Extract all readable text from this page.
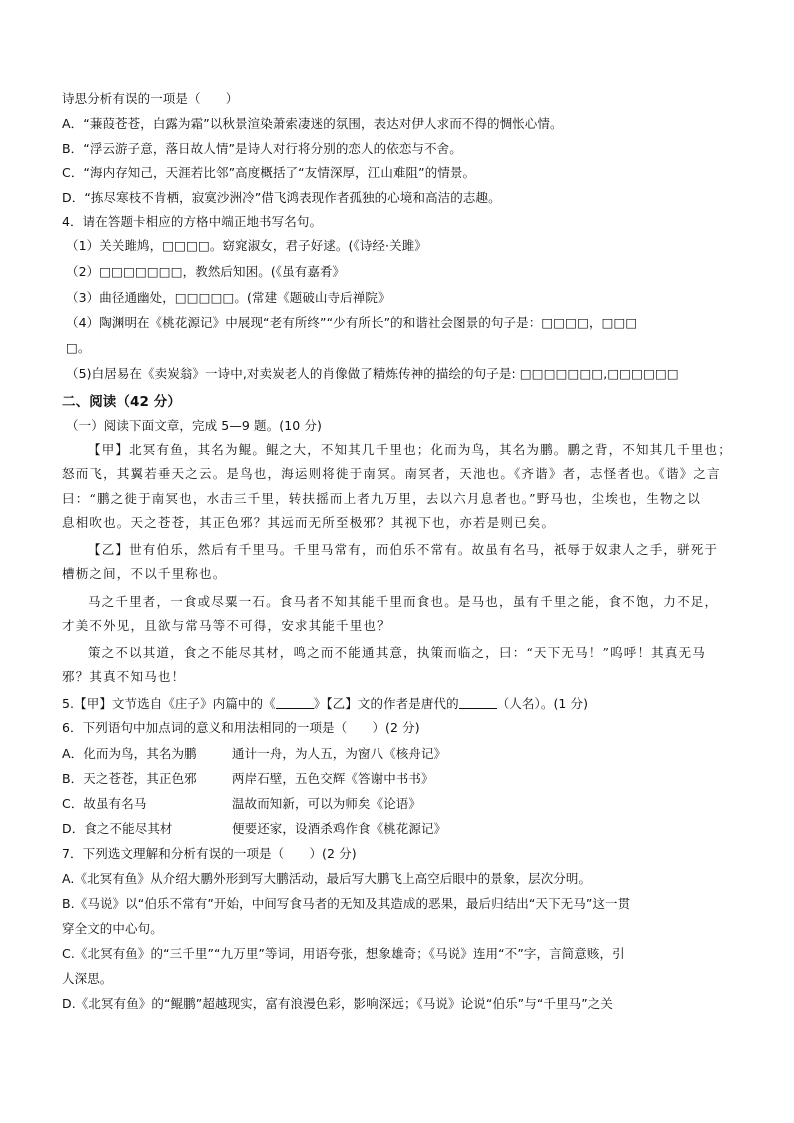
诗思分析有误的一项是（　　）
A．“蒹葭苍苍，白露为霜”以秋景渲染萧索凄迷的氛围，表达对伊人求而不得的惆怅心情。
B．“浮云游子意，落日故人情”是诗人对行将分别的恋人的依恋与不舍。
C．“海内存知己，天涯若比邻”高度概括了“友情深厚，江山难阻”的情景。
D．“拣尽寒枝不肯栖，寂寞沙洲冷”借飞鸿表现作者孤独的心境和高洁的志趣。
4．请在答题卡相应的方格中端正地书写名句。
（1）关关雎鸠，□□□□。窈窕淑女，君子好逑。(《诗经·关雎》
（2）□□□□□□□，教然后知困。(《虽有嘉肴》
（3）曲径通幽处，□□□□□。(常建《题破山寺后禅院》
（4）陶渊明在《桃花源记》中展现“老有所终”“少有所长”的和谐社会图景的句子是：□□□□，□□□
□。
（5)白居易在《卖炭翁》一诗中,对卖炭老人的肖像做了精炼传神的描绘的句子是: □□□□□□□,□□□□□□
二、阅读（42 分）
（一）阅读下面文章，完成 5—9 题。(10 分)
【甲】北冥有鱼，其名为鲲。鲲之大，不知其几千里也；化而为鸟，其名为鹏。鹏之背，不知其几千里也；
怒而飞，其翼若垂天之云。是鸟也，海运则将徙于南冥。南冥者，天池也。《齐谐》者，志怪者也。《谐》之言
曰：“鹏之徙于南冥也，水击三千里，转扶摇而上者九万里，去以六月息者也。”野马也，尘埃也，生物之以
息相吹也。天之苍苍，其正色邪？其远而无所至极邪？其视下也，亦若是则已矣。
【乙】世有伯乐，然后有千里马。千里马常有，而伯乐不常有。故虽有名马，祇辱于奴隶人之手，骈死于
槽枥之间，不以千里称也。
马之千里者，一食或尽粟一石。食马者不知其能千里而食也。是马也，虽有千里之能，食不饱，力不足，
才美不外见，且欲与常马等不可得，安求其能千里也？
策之不以其道，食之不能尽其材，鸣之而不能通其意，执策而临之，曰：“天下无马！”呜呼！其真无马
邪？其真不知马也！
5.【甲】文节选自《庄子》内篇中的《	》【乙】文的作者是唐代的	（人名）。(1 分)
6．下列语句中加点词的意义和用法相同的一项是（　　）(2 分)
A．化而为鸟，其名为鹏	通计一舟，为人五，为窗八《核舟记》
B．天之苍苍，其正色邪	两岸石壁，五色交辉《答谢中书书》
C．故虽有名马	温故而知新，可以为师矣《论语》
D．食之不能尽其材	便要还家，设酒杀鸡作食《桃花源记》
7．下列选文理解和分析有误的一项是（　　）(2 分)
A.《北冥有鱼》从介绍大鹏外形到写大鹏活动，最后写大鹏飞上高空后眼中的景象，层次分明。
B.《马说》以“伯乐不常有”开始，中间写食马者的无知及其造成的恶果，最后归结出“天下无马”这一贯
穿全文的中心句。
C.《北冥有鱼》的“三千里”“九万里”等词，用语夸张，想象雄奇；《马说》连用“不”字，言简意赅，引
人深思。
D.《北冥有鱼》的“鲲鹏”超越现实，富有浪漫色彩，影响深远；《马说》论说“伯乐”与“千里马”之关
